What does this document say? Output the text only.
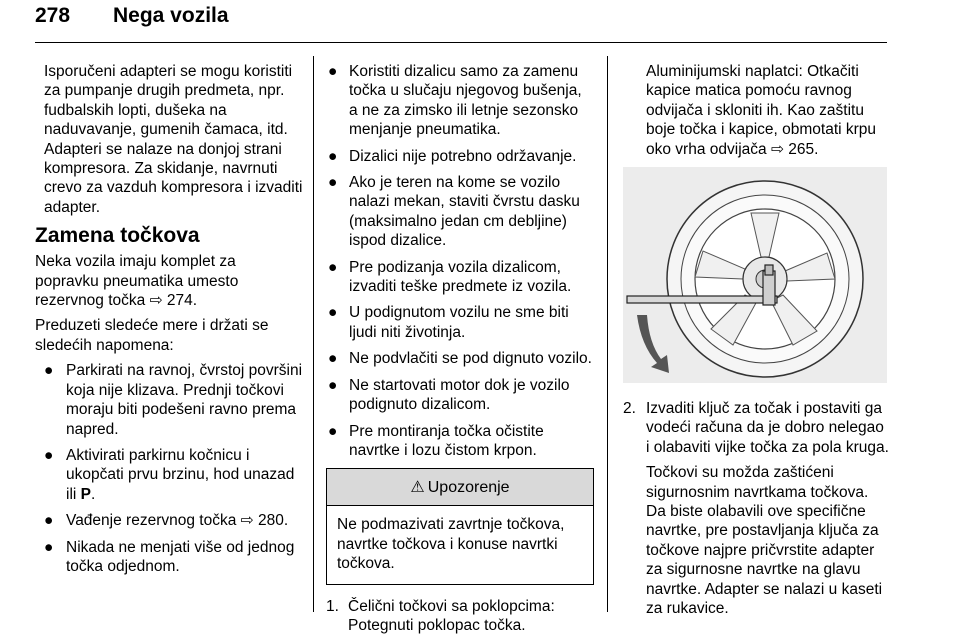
278 Nega vozila

Isporučeni adapteri se mogu koristiti za pumpanje drugih predmeta, npr. fudbalskih lopti, dušeka na naduvavanje, gumenih čamaca, itd. Adapteri se nalaze na donjoj strani kompresora. Za skidanje, navrnuti crevo za vazduh kompresora i izvaditi adapter.

Zamena točkova

Neka vozila imaju komplet za popravku pneumatika umesto rezervnog točka ⇨ 274.

Preduzeti sledeće mere i držati se sledećih napomena:

● Parkirati na ravnoj, čvrstoj površini koja nije klizava. Prednji točkovi moraju biti podešeni ravno prema napred.
● Aktivirati parkirnu kočnicu i ukopčati prvu brzinu, hod unazad ili P.
● Vađenje rezervnog točka ⇨ 280.
● Nikada ne menjati više od jednog točka odjednom.
● Koristiti dizalicu samo za zamenu točka u slučaju njegovog bušenja, a ne za zimsko ili letnje sezonsko menjanje pneumatika.
● Dizalici nije potrebno održavanje.
● Ako je teren na kome se vozilo nalazi mekan, staviti čvrstu dasku (maksimalno jedan cm debljine) ispod dizalice.
● Pre podizanja vozila dizalicom, izvaditi teške predmete iz vozila.
● U podignutom vozilu ne sme biti ljudi niti životinja.
● Ne podvlačiti se pod dignuto vozilo.
● Ne startovati motor dok je vozilo podignuto dizalicom.
● Pre montiranja točka očistite navrtke i lozu čistom krpon.
⚠ Upozorenje
Ne podmazivati zavrtnje točkova, navrtke točkova i konuse navrtki točkova.
1. Čelični točkovi sa poklopcima: Potegnuti poklopac točka.

Aluminijumski naplatci: Otkačiti kapice matica pomoću ravnog odvijača i skloniti ih. Kao zaštitu boje točka i kapice, obmotati krpu oko vrha odvijača ⇨ 265.

2. Izvaditi ključ za točak i postaviti ga vodeći računa da je dobro nelegao i olabaviti vijke točka za pola kruga.

Točkovi su možda zaštićeni sigurnosnim navrtkama točkova. Da biste olabavili ove specifične navrtke, pre postavljanja ključa za točkove najpre pričvrstite adapter za sigurnosne navrtke na glavu navrtke. Adapter se nalazi u kaseti za rukavice.
